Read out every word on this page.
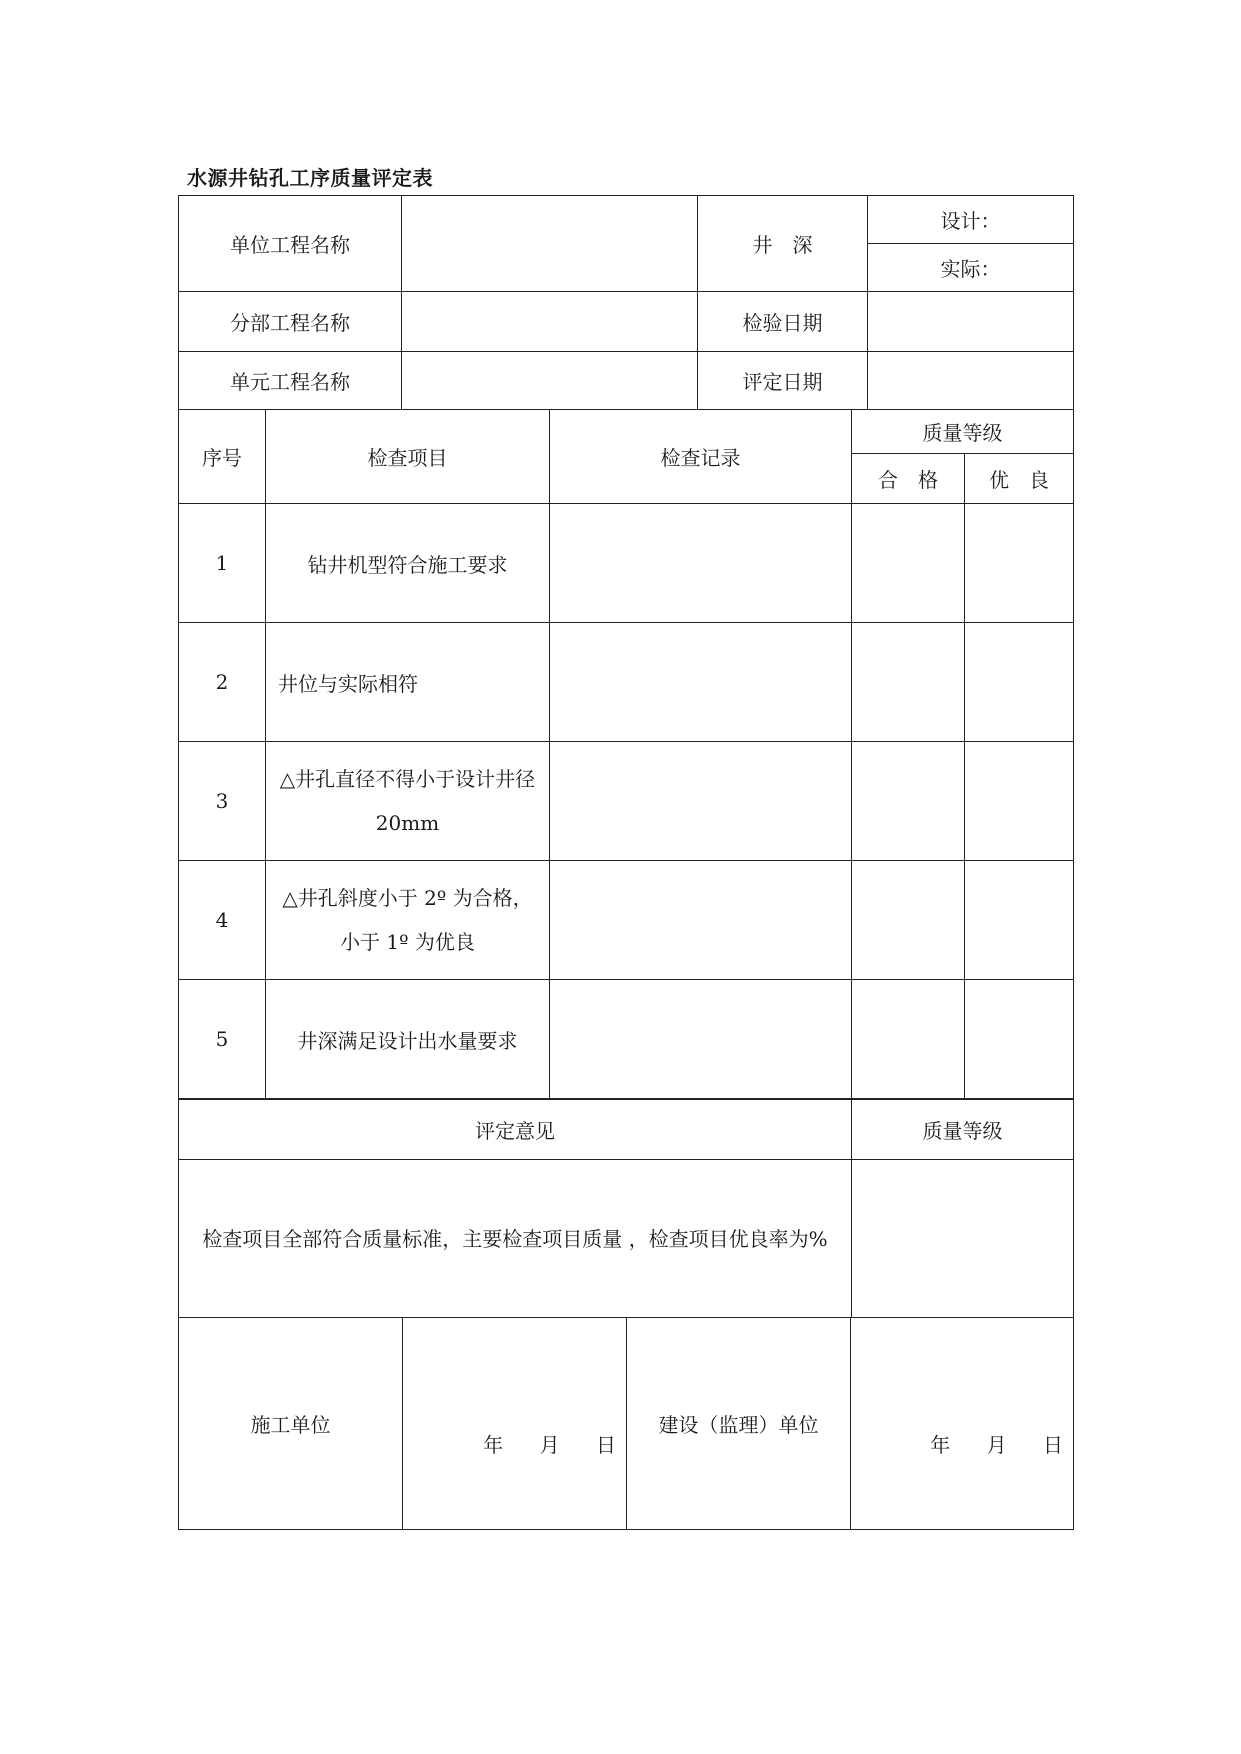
水源井钻孔工序质量评定表
单位工程名称		井　深	设计：
			实际：
分部工程名称		检验日期	
单元工程名称		评定日期	
序号	检查项目	检查记录	质量等级	
			合　格	优　良
1	钻井机型符合施工要求			
2	井位与实际相符			
3	△井孔直径不得小于设计井径 20mm			
4	△井孔斜度小于 2º 为合格，小于 1º 为优良			
5	井深满足设计出水量要求			
评定意见	质量等级
检查项目全部符合质量标准，主要检查项目质量 ，检查项目优良率为%	
施工单位	年 月 日	建设（监理）单位	年 月 日
